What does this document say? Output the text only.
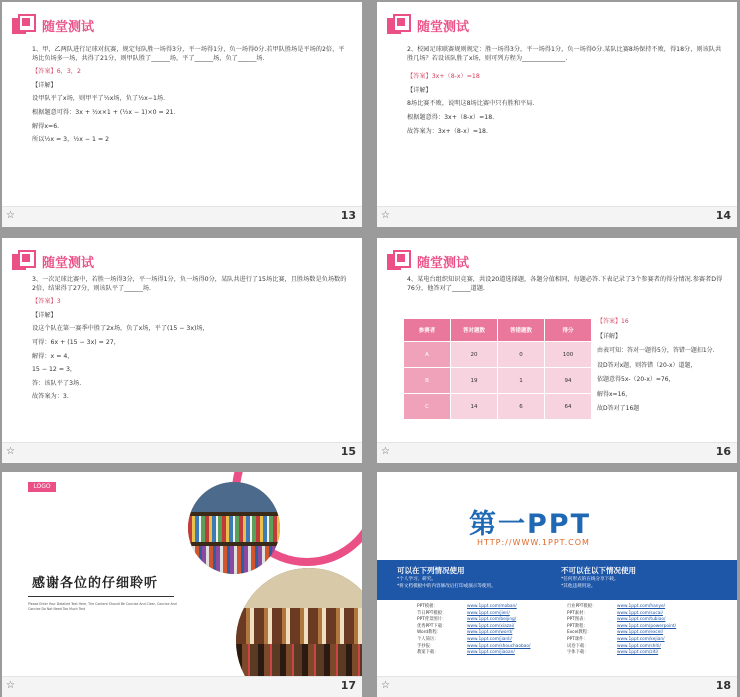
随堂测试

1、甲、乙两队进行足球对抗赛，规定每队胜一场得3分，平一场得1分，负一场得0分.若甲队胜场是平场的2倍，平场比负场多一场，共得了21分，则甲队胜了______场，平了______场，负了______场.

【答案】6，3，2

【详解】

设甲队平了x场，则甲平了½x场，负了½x−1场.

根据题意可得：3x + ½x×1 + (½x − 1)×0 = 21.

解得x=6.

所以½x = 3，½x − 1 = 2

☆	13
随堂测试

2、校园足球联赛规则规定：胜一场得3分，平一场得1分，负一场得0分.某队比赛8场保持不败，得18分，则该队共胜几场？若设该队胜了x场，则可列方程为______________.

【答案】3x+（8-x）=18

【详解】

8场比赛不败，说明这8场比赛中只有胜和平局.

根据题意得：3x+（8-x）=18.

故答案为：3x+（8-x）=18.

☆	14
随堂测试

3、一次足球比赛中，若胜一场得3分，平一场得1分，负一场得0分，某队共进行了15场比赛，且胜场数是负场数的2倍，结果得了27分，则该队平了______场.

【答案】3

【详解】

设这个队在第一赛季中胜了2x场，负了x场，平了(15 − 3x)场，

可得：6x + (15 − 3x) = 27，

解得：x = 4，

15 − 12 = 3，

答：该队平了3场.

故答案为：3.

☆	15
随堂测试

4、某电台组织知识竞赛，共设20道选择题，各题分值相同，每题必答.下表记录了3个参赛者的得分情况.参赛者D得76分，他答对了______道题.

参赛者	答对题数	答错题数	得分
A	20	0	100
B	19	1	94
C	14	6	64

【答案】16

【详解】

由表可知：答对一题得5分，答错一题扣1分.

设D答对x题，则答错（20-x）道题，

依题意得5x-（20-x）=76，

解得x=16，

故D答对了16题

☆	16
LOGO
感谢各位的仔细聆听
Please Enter Your Detailed Text Here, The Content Should Be Concise And Clear, Concise And Concise Do Not Need Too Much Text
☆	17
第一PPT
HTTP://WWW.1PPT.COM
可以在下列情况使用
*个人学习、研究。
*将文档模板中的内容修改后打印或演示等使用。
不可以在以下情况使用
*任何形式的在线分享下载。
*其他违规用途。
PPT模板：	www.1ppt.com/moban/
节日PPT模板：	www.1ppt.com/jieri/
PPT背景图片：	www.1ppt.com/beijing/
优秀PPT下载：	www.1ppt.com/xiazai/
Word教程：	www.1ppt.com/word/
个人简历：	www.1ppt.com/jianli/
手抄报：	www.1ppt.com/shouchaobao/
教案下载：	www.1ppt.com/jiaoan/
行业PPT模板：	www.1ppt.com/hanye/
PPT素材：	www.1ppt.com/sucai/
PPT图表：	www.1ppt.com/tubiao/
PPT教程：	www.1ppt.com/powerpoint/
Excel教程：	www.1ppt.com/excel/
PPT课件：	www.1ppt.com/kejian/
试卷下载：	www.1ppt.com/shiti/
字体下载：	www.1ppt.com/ziti/
☆	18
